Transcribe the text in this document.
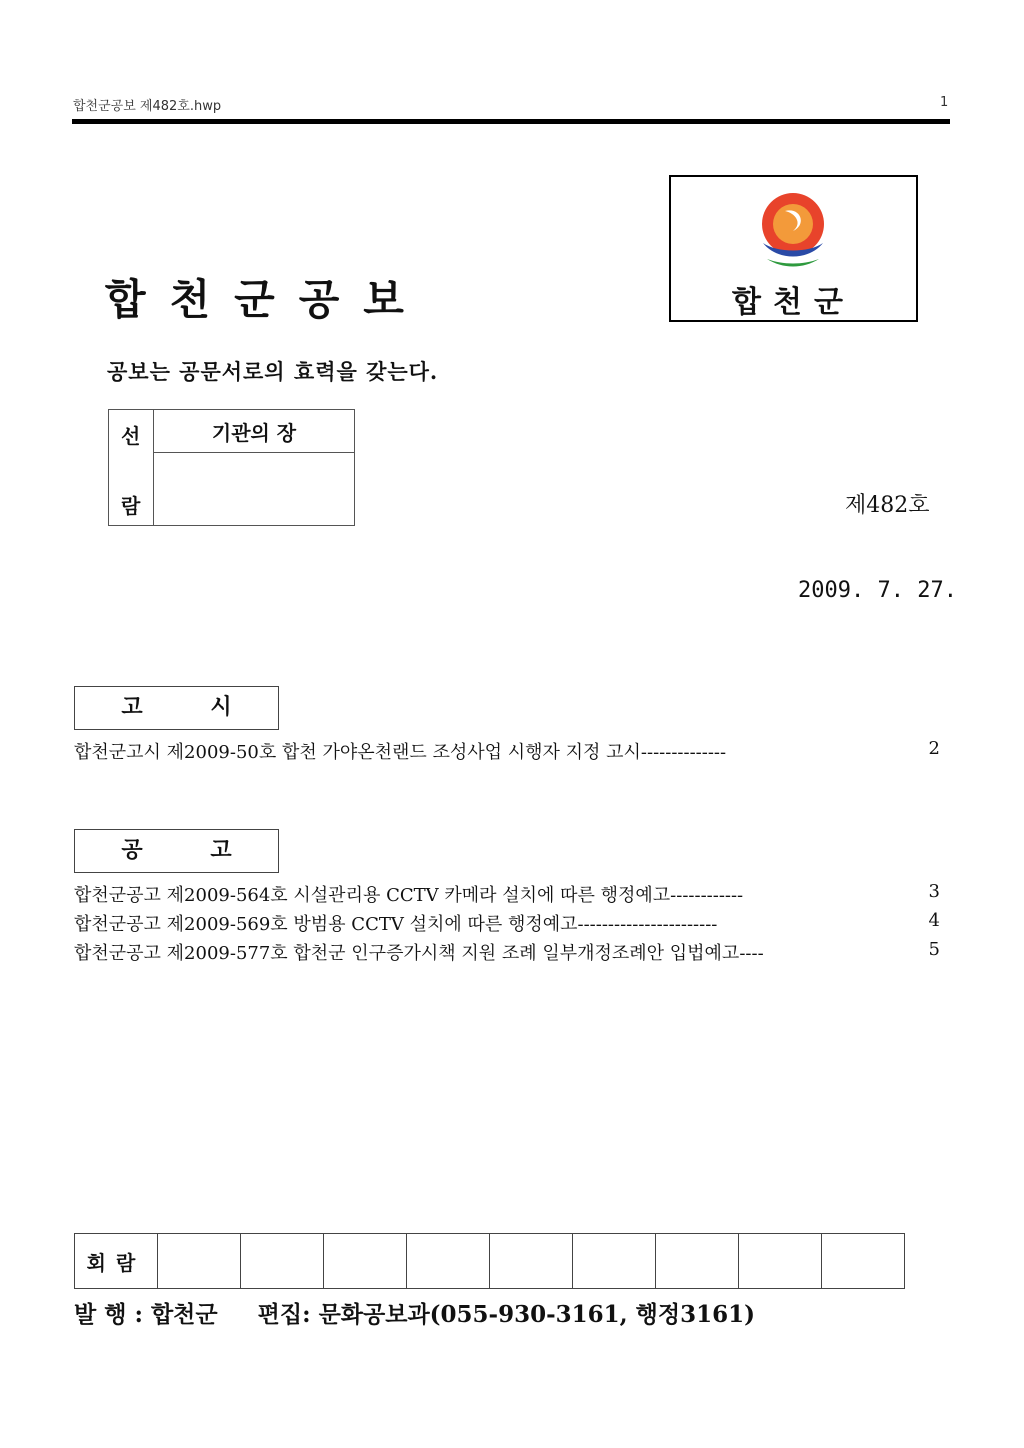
합천군공보 제482호.hwp	1
합천군공보	합천군
공보는 공문서로의 효력을 갖는다.
선
람
	기관의 장

제482호
2009. 7. 27.
고 시
합천군고시 제2009-50호 합천 가야온천랜드 조성사업 시행자 지정 고시--------------	2
공 고
합천군공고 제2009-564호 시설관리용 CCTV 카메라 설치에 따른 행정예고------------	3
합천군공고 제2009-569호 방범용 CCTV 설치에 따른 행정예고-----------------------	4
합천군공고 제2009-577호 합천군 인구증가시책 지원 조례 일부개정조례안 입법예고----	5
회람									
발 행 : 합천군     편집: 문화공보과(055-930-3161, 행정3161)
